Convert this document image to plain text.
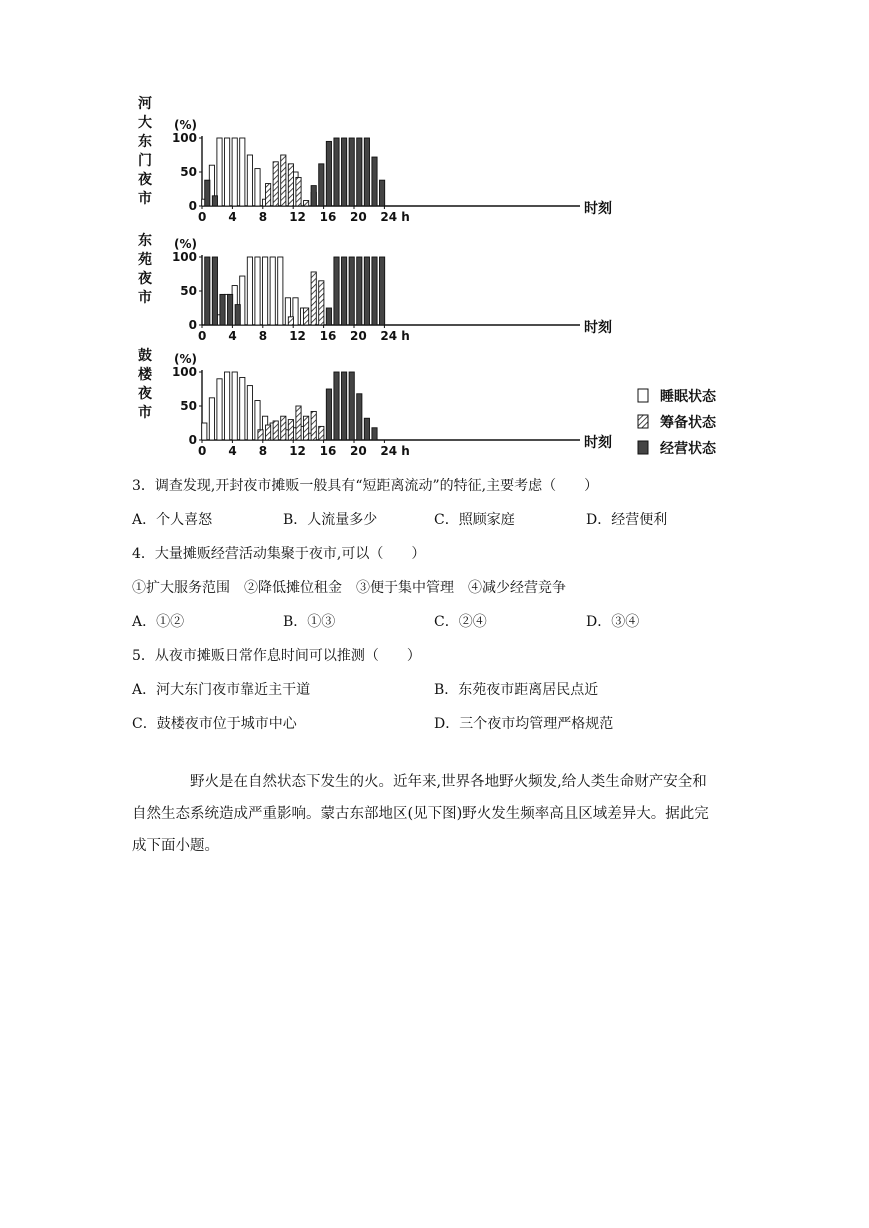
河
大
东
门
夜
市
(%)
0
50
100
0 4 8 12 16 20 24 h	时刻
东
苑
夜
市
(%)
0
50
100
0 4 8 12 16 20 24 h	时刻
鼓
楼
夜
市
(%)
0
50
100
0 4 8 12 16 20 24 h	时刻
睡眠状态
筹备状态
经营状态
3．调查发现,开封夜市摊贩一般具有“短距离流动”的特征,主要考虑（　　）
A．个人喜怒	B．人流量多少	C．照顾家庭	D．经营便利
4．大量摊贩经营活动集聚于夜市,可以（　　）
①扩大服务范围　②降低摊位租金　③便于集中管理　④减少经营竞争
A．①②	B．①③	C．②④	D．③④
5．从夜市摊贩日常作息时间可以推测（　　）
A．河大东门夜市靠近主干道	B．东苑夜市距离居民点近
C．鼓楼夜市位于城市中心	D．三个夜市均管理严格规范
野火是在自然状态下发生的火。近年来,世界各地野火频发,给人类生命财产安全和
自然生态系统造成严重影响。蒙古东部地区(见下图)野火发生频率高且区域差异大。据此完
成下面小题。
